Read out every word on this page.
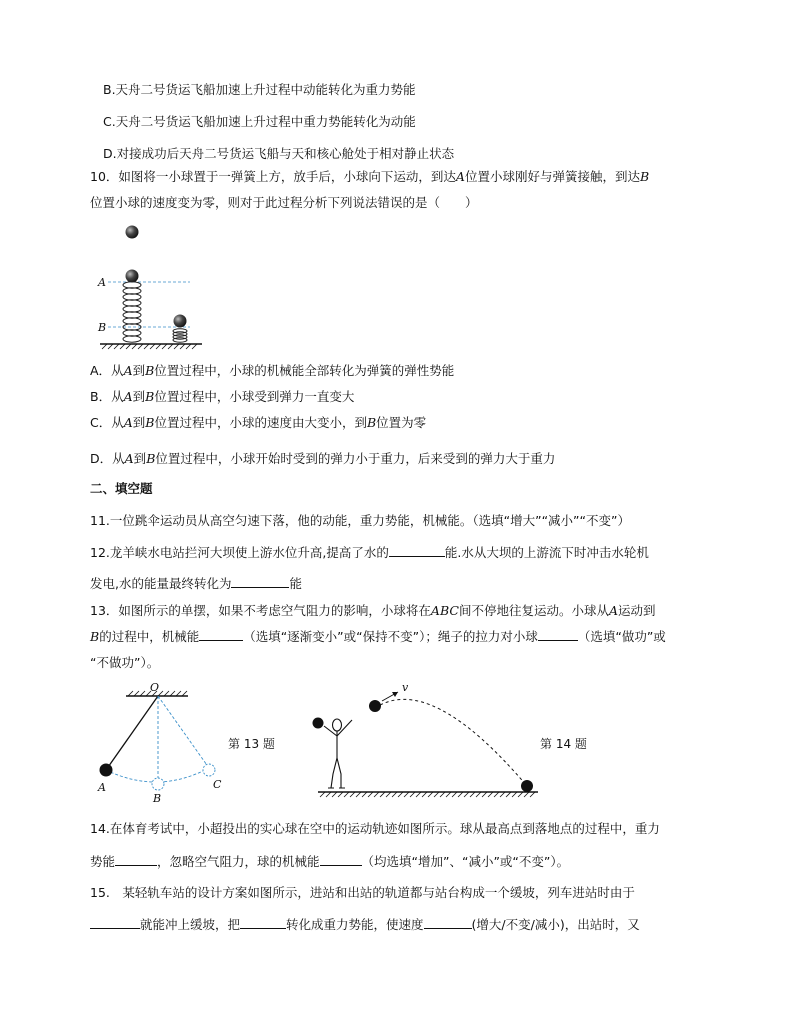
B.天舟二号货运飞船加速上升过程中动能转化为重力势能
C.天舟二号货运飞船加速上升过程中重力势能转化为动能
D.对接成功后天舟二号货运飞船与天和核心舱处于相对静止状态
10．如图将一小球置于一弹簧上方，放手后，小球向下运动，到达A位置小球刚好与弹簧接触，到达B
位置小球的速度变为零，则对于此过程分析下列说法错误的是（　　）
A
B
A．从A到B位置过程中，小球的机械能全部转化为弹簧的弹性势能
B．从A到B位置过程中，小球受到弹力一直变大
C．从A到B位置过程中，小球的速度由大变小，到B位置为零
D．从A到B位置过程中，小球开始时受到的弹力小于重力，后来受到的弹力大于重力
二、填空题
11.一位跳伞运动员从高空匀速下落，他的动能，重力势能，机械能。（选填“增大”“减小”“不变”）
12.龙羊峡水电站拦河大坝使上游水位升高,提高了水的	能.水从大坝的上游流下时冲击水轮机
发电,水的能量最终转化为	能
13．如图所示的单摆，如果不考虑空气阻力的影响，小球将在ABC间不停地往复运动。小球从A运动到
B的过程中，机械能	（选填“逐渐变小”或“保持不变”）；绳子的拉力对小球	（选填“做功”或
“不做功”）。
O
A
B
C
第 13 题
v
第 14 题
14.在体育考试中，小超投出的实心球在空中的运动轨迹如图所示。球从最高点到落地点的过程中，重力
势能	，忽略空气阻力，球的机械能	（均选填“增加”、“减小”或“不变”）。
15.　某轻轨车站的设计方案如图所示，进站和出站的轨道都与站台构成一个缓坡，列车进站时由于
就能冲上缓坡，把	转化成重力势能，使速度	(增大/不变/减小)，出站时，又
